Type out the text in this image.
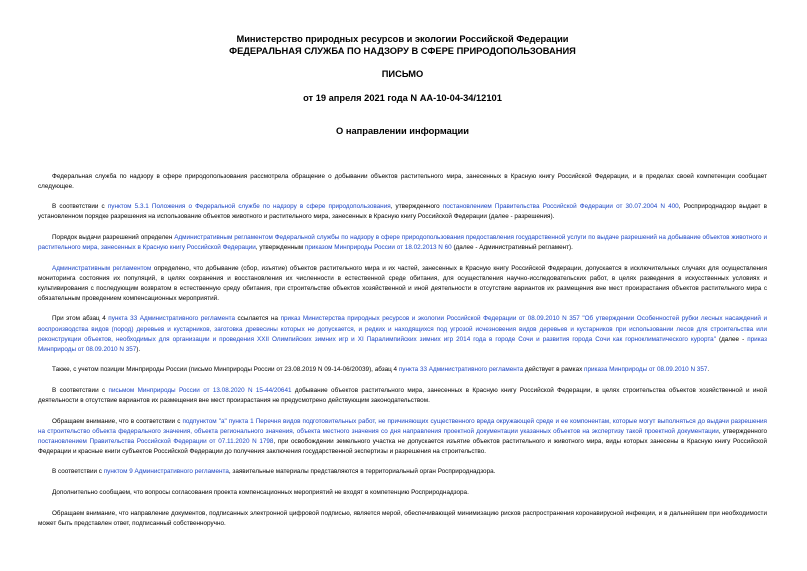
Министерство природных ресурсов и экологии Российской Федерации
ФЕДЕРАЛЬНАЯ СЛУЖБА ПО НАДЗОРУ В СФЕРЕ ПРИРОДОПОЛЬЗОВАНИЯ
ПИСЬМО
от 19 апреля 2021 года N АА-10-04-34/12101
О направлении информации

Федеральная служба по надзору в сфере природопользования рассмотрела обращение о добывании объектов растительного мира, занесенных в Красную книгу Российской Федерации, и в пределах своей компетенции сообщает следующее.

В соответствии с пунктом 5.3.1 Положения о Федеральной службе по надзору в сфере природопользования, утвержденного постановлением Правительства Российской Федерации от 30.07.2004 N 400, Росприроднадзор выдает в установленном порядке разрешения на использование объектов животного и растительного мира, занесенных в Красную книгу Российской Федерации (далее - разрешения).

Порядок выдачи разрешений определен Административным регламентом Федеральной службы по надзору в сфере природопользования предоставления государственной услуги по выдаче разрешений на добывание объектов животного и растительного мира, занесенных в Красную книгу Российской Федерации, утвержденным приказом Минприроды России от 18.02.2013 N 60 (далее - Административный регламент).

Административным регламентом определено, что добывание (сбор, изъятие) объектов растительного мира и их частей, занесенных в Красную книгу Российской Федерации, допускается в исключительных случаях для осуществления мониторинга состояния их популяций, в целях сохранения и восстановления их численности в естественной среде обитания, для осуществления научно-исследовательских работ, в целях разведения в искусственных условиях и культивирования с последующим возвратом в естественную среду обитания, при строительстве объектов хозяйственной и иной деятельности в отсутствие вариантов их размещения вне мест произрастания объектов растительного мира с обязательным проведением компенсационных мероприятий.

При этом абзац 4 пункта 33 Административного регламента ссылается на приказ Министерства природных ресурсов и экологии Российской Федерации от 08.09.2010 N 357 "Об утверждении Особенностей рубки лесных насаждений и воспроизводства видов (пород) деревьев и кустарников, заготовка древесины которых не допускается, и редких и находящихся под угрозой исчезновения видов деревьев и кустарников при использовании лесов для строительства или реконструкции объектов, необходимых для организации и проведения XXII Олимпийских зимних игр и XI Паралимпийских зимних игр 2014 года в городе Сочи и развития города Сочи как горноклиматического курорта" (далее - приказ Минприроды от 08.09.2010 N 357).

Также, с учетом позиции Минприроды России (письмо Минприроды России от 23.08.2019 N 09-14-06/20039), абзац 4 пункта 33 Административного регламента действует в рамках приказа Минприроды от 08.09.2010 N 357.

В соответствии с письмом Минприроды России от 13.08.2020 N 15-44/20641 добывание объектов растительного мира, занесенных в Красную книгу Российской Федерации, в целях строительства объектов хозяйственной и иной деятельности в отсутствие вариантов их размещения вне мест произрастания не предусмотрено действующим законодательством.

Обращаем внимание, что в соответствии с подпунктом "а" пункта 1 Перечня видов подготовительных работ, не причиняющих существенного вреда окружающей среде и ее компонентам, которые могут выполняться до выдачи разрешения на строительство объекта федерального значения, объекта регионального значения, объекта местного значения со дня направления проектной документации указанных объектов на экспертизу такой проектной документации, утвержденного постановлением Правительства Российской Федерации от 07.11.2020 N 1798, при освобождении земельного участка не допускается изъятие объектов растительного и животного мира, виды которых занесены в Красную книгу Российской Федерации и красные книги субъектов Российской Федерации до получения заключения государственной экспертизы и разрешения на строительство.

В соответствии с пунктом 9 Административного регламента, заявительные материалы представляются в территориальный орган Росприроднадзора.

Дополнительно сообщаем, что вопросы согласования проекта компенсационных мероприятий не входят в компетенцию Росприроднадзора.

Обращаем внимание, что направление документов, подписанных электронной цифровой подписью, является мерой, обеспечивающей минимизацию рисков распространения коронавирусной инфекции, и в дальнейшем при необходимости может быть представлен ответ, подписанный собственноручно.
